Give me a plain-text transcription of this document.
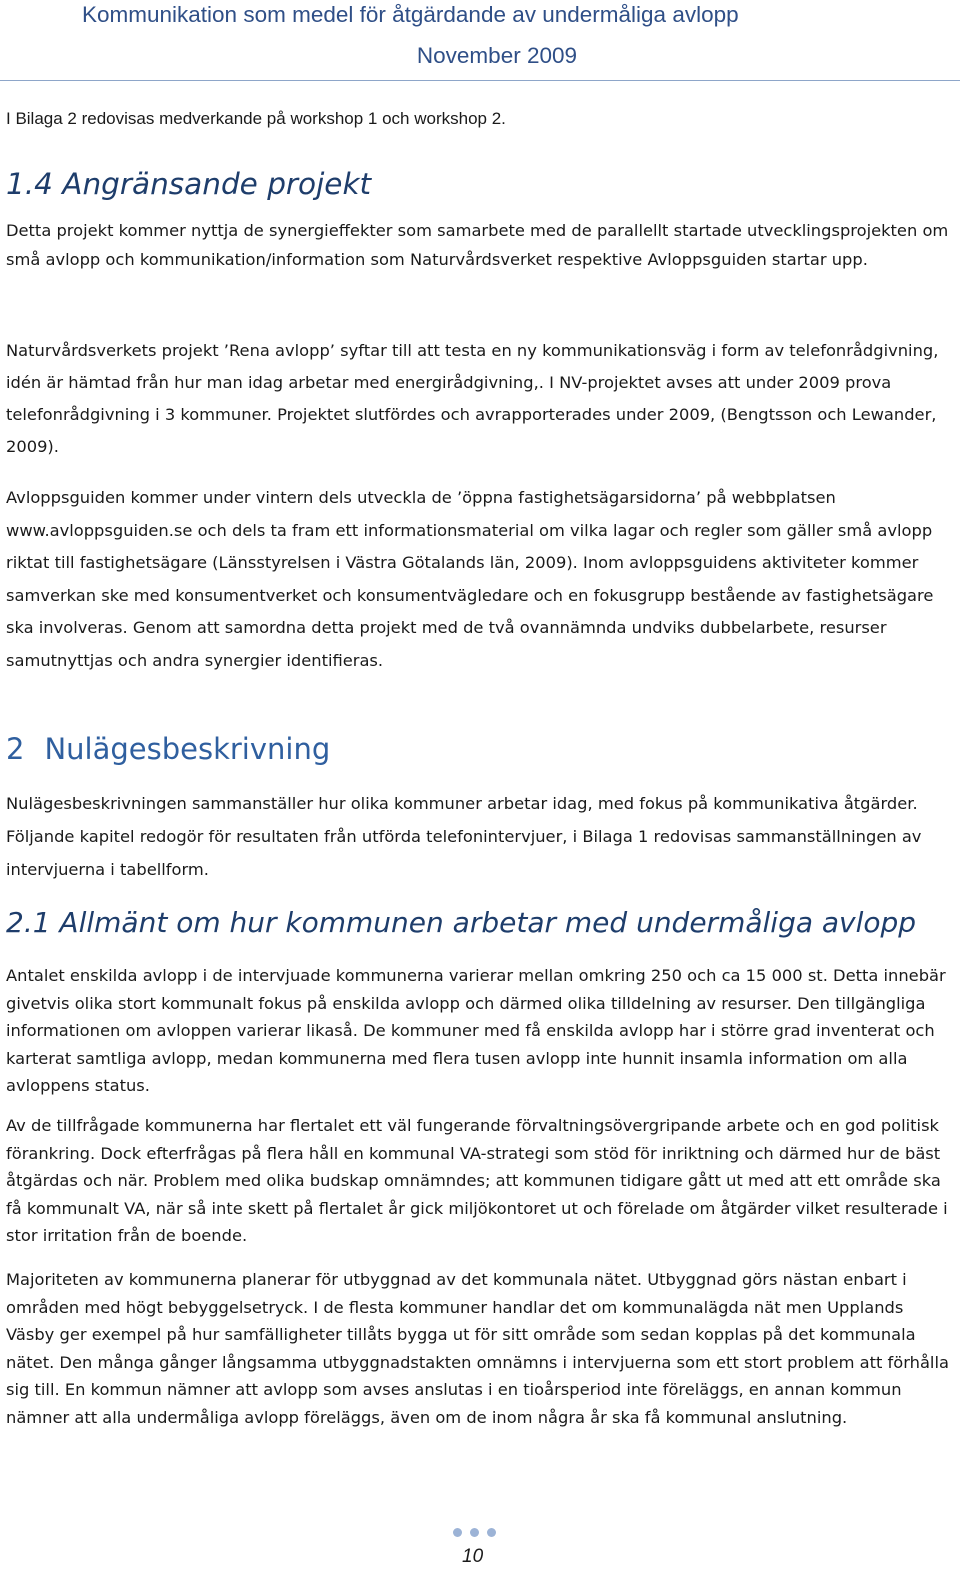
Kommunikation som medel för åtgärdande av undermåliga avlopp
November 2009
I Bilaga 2 redovisas medverkande på workshop 1 och workshop 2.
1.4 Angränsande projekt

Detta projekt kommer nyttja de synergieffekter som samarbete med de parallellt startade utvecklingsprojekten om små avlopp och kommunikation/information som Naturvårdsverket respektive Avloppsguiden startar upp.

Naturvårdsverkets projekt ’Rena avlopp’ syftar till att testa en ny kommunikationsväg i form av telefonrådgivning, idén är hämtad från hur man idag arbetar med energirådgivning,. I NV-projektet avses att under 2009 prova telefonrådgivning i 3 kommuner. Projektet slutfördes och avrapporterades under 2009, (Bengtsson och Lewander, 2009).

Avloppsguiden kommer under vintern dels utveckla de ’öppna fastighetsägarsidorna’ på webbplatsen www.avloppsguiden.se och dels ta fram ett informationsmaterial om vilka lagar och regler som gäller små avlopp riktat till fastighetsägare (Länsstyrelsen i Västra Götalands län, 2009). Inom avloppsguidens aktiviteter kommer samverkan ske med konsumentverket och konsumentvägledare och en fokusgrupp bestående av fastighetsägare ska involveras. Genom att samordna detta projekt med de två ovannämnda undviks dubbelarbete, resurser samutnyttjas och andra synergier identifieras.

2 Nulägesbeskrivning

Nulägesbeskrivningen sammanställer hur olika kommuner arbetar idag, med fokus på kommunikativa åtgärder. Följande kapitel redogör för resultaten från utförda telefonintervjuer, i Bilaga 1 redovisas sammanställningen av intervjuerna i tabellform.

2.1 Allmänt om hur kommunen arbetar med undermåliga avlopp

Antalet enskilda avlopp i de intervjuade kommunerna varierar mellan omkring 250 och ca 15 000 st. Detta innebär givetvis olika stort kommunalt fokus på enskilda avlopp och därmed olika tilldelning av resurser. Den tillgängliga informationen om avloppen varierar likaså. De kommuner med få enskilda avlopp har i större grad inventerat och karterat samtliga avlopp, medan kommunerna med flera tusen avlopp inte hunnit insamla information om alla avloppens status.

Av de tillfrågade kommunerna har flertalet ett väl fungerande förvaltningsövergripande arbete och en god politisk förankring. Dock efterfrågas på flera håll en kommunal VA-strategi som stöd för inriktning och därmed hur de bäst åtgärdas och när. Problem med olika budskap omnämndes; att kommunen tidigare gått ut med att ett område ska få kommunalt VA, när så inte skett på flertalet år gick miljökontoret ut och förelade om åtgärder vilket resulterade i stor irritation från de boende.

Majoriteten av kommunerna planerar för utbyggnad av det kommunala nätet. Utbyggnad görs nästan enbart i områden med högt bebyggelsetryck. I de flesta kommuner handlar det om kommunalägda nät men Upplands Väsby ger exempel på hur samfälligheter tillåts bygga ut för sitt område som sedan kopplas på det kommunala nätet. Den många gånger långsamma utbyggnadstakten omnämns i intervjuerna som ett stort problem att förhålla sig till. En kommun nämner att avlopp som avses anslutas i en tioårsperiod inte föreläggs, en annan kommun nämner att alla undermåliga avlopp föreläggs, även om de inom några år ska få kommunal anslutning.

10
